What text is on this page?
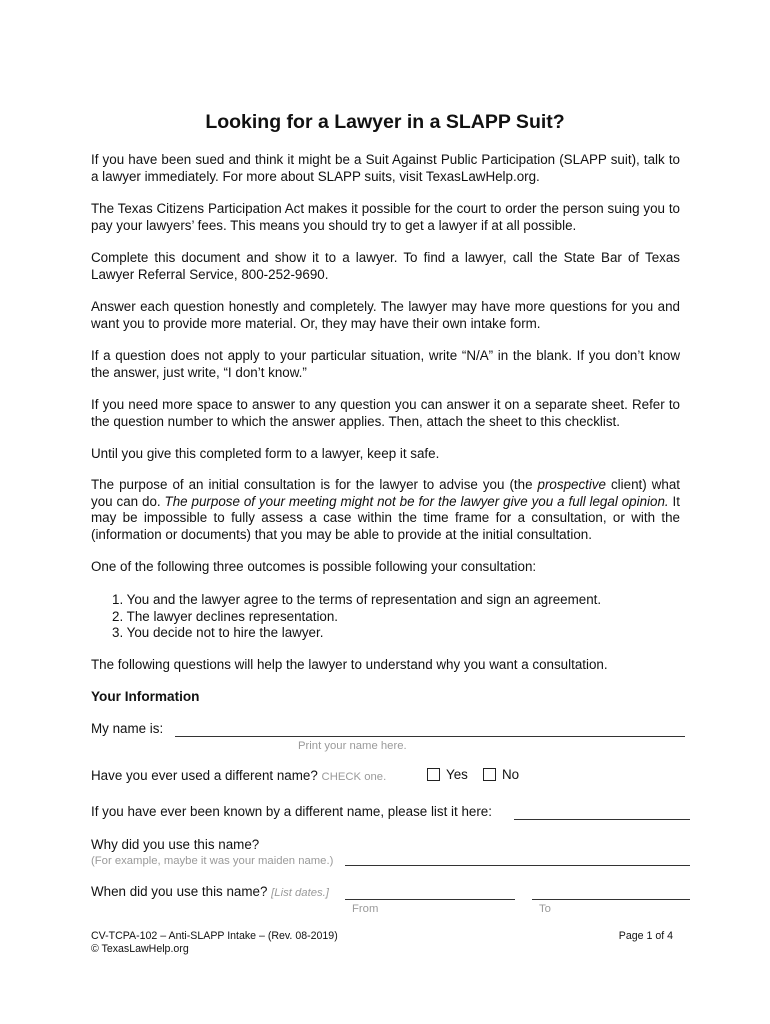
Looking for a Lawyer in a SLAPP Suit?
If you have been sued and think it might be a Suit Against Public Participation (SLAPP suit), talk to a lawyer immediately. For more about SLAPP suits, visit TexasLawHelp.org.
The Texas Citizens Participation Act makes it possible for the court to order the person suing you to pay your lawyers’ fees. This means you should try to get a lawyer if at all possible.
Complete this document and show it to a lawyer. To find a lawyer, call the State Bar of Texas Lawyer Referral Service, 800-252-9690.
Answer each question honestly and completely. The lawyer may have more questions for you and want you to provide more material. Or, they may have their own intake form.
If a question does not apply to your particular situation, write “N/A” in the blank. If you don’t know the answer, just write, “I don’t know.”
If you need more space to answer to any question you can answer it on a separate sheet. Refer to the question number to which the answer applies. Then, attach the sheet to this checklist.
Until you give this completed form to a lawyer, keep it safe.
The purpose of an initial consultation is for the lawyer to advise you (the prospective client) what you can do. The purpose of your meeting might not be for the lawyer give you a full legal opinion. It may be impossible to fully assess a case within the time frame for a consultation, or with the (information or documents) that you may be able to provide at the initial consultation.
One of the following three outcomes is possible following your consultation:
1. You and the lawyer agree to the terms of representation and sign an agreement.
2. The lawyer declines representation.
3. You decide not to hire the lawyer.
The following questions will help the lawyer to understand why you want a consultation.
Your Information
My name is:
Print your name here.
Have you ever used a different name? CHECK one.	Yes	No
If you have ever been known by a different name, please list it here:
Why did you use this name?
(For example, maybe it was your maiden name.)
When did you use this name? [List dates.]
From	To
CV-TCPA-102 – Anti-SLAPP Intake – (Rev. 08-2019)
© TexasLawHelp.org
Page 1 of 4
